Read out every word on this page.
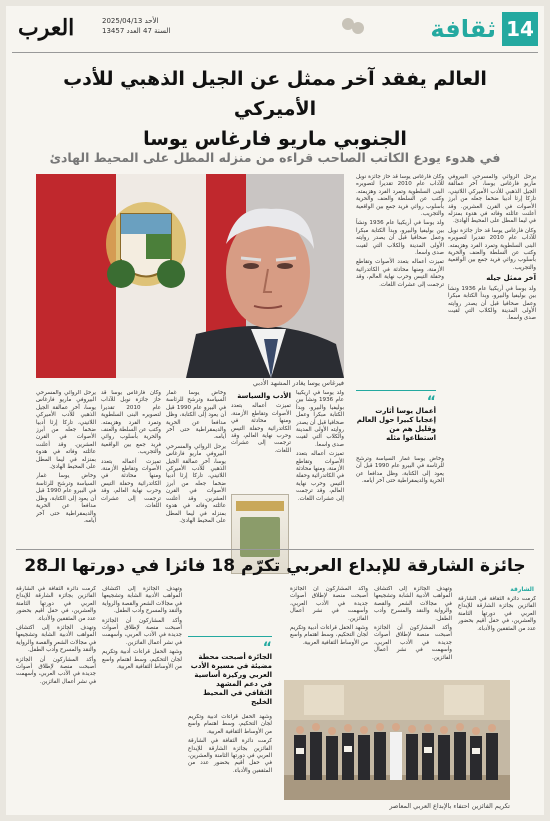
14
ثقافة
الأحد 2025/04/13
السنة 47 العدد 13457
العرب
العالم يفقد آخر ممثل عن الجيل الذهبي للأدب الأميركي
الجنوبي ماريو فارغاس يوسا
في هدوء يودع الكاتب الصاحب قراءه من منزله المطل على المحيط الهادئ
فيرغاس يوسا يغادر المشهد الأدبي

يرحل الروائي والمسرحي البيروفي ماريو فارغاس يوسا، آخر عمالقة الجيل الذهبي للأدب الأميركي اللاتيني، تاركا إرثا أدبيا ضخما جعله من أبرز الأصوات في القرن العشرين. وقد أعلنت عائلته وفاته في هدوء بمنزله في ليما المطل على المحيط الهادئ.

وكان فارغاس يوسا قد حاز جائزة نوبل للآداب عام 2010 تقديرا لتصويره البنى السلطوية وتمرد الفرد وهزيمته. وكتب عن السلطة والعنف والحرية بأسلوب روائي فريد جمع بين الواقعية والتجريب.

آخر ممثل جيله

ولد يوسا في أريكيبا عام 1936 ونشأ بين بوليفيا والبيرو، وبدأ الكتابة مبكرا وعمل صحافيا قبل أن يصدر روايته الأولى المدينة والكلاب التي لقيت صدى واسعا.

وكان فارغاس يوسا قد حاز جائزة نوبل للآداب عام 2010 تقديرا لتصويره البنى السلطوية وتمرد الفرد وهزيمته. وكتب عن السلطة والعنف والحرية بأسلوب روائي فريد جمع بين الواقعية والتجريب.

ولد يوسا في أريكيبا عام 1936 ونشأ بين بوليفيا والبيرو، وبدأ الكتابة مبكرا وعمل صحافيا قبل أن يصدر روايته الأولى المدينة والكلاب التي لقيت صدى واسعا.

تميزت أعماله بتعدد الأصوات وتقاطع الأزمنة، ومنها محادثة في الكاتدرائية وحفلة التيس وحرب نهاية العالم، وقد ترجمت إلى عشرات اللغات.

“
أعمال يوسا أثارت إعجابا كبيرا حول العالم وقليل هم من استطاعوا مثله

وخاض يوسا غمار السياسة وترشح للرئاسة في البيرو عام 1990 قبل أن يعود إلى الكتابة، وظل مدافعا عن الحرية والديمقراطية حتى آخر أيامه.

ولد يوسا في أريكيبا عام 1936 ونشأ بين بوليفيا والبيرو، وبدأ الكتابة مبكرا وعمل صحافيا قبل أن يصدر روايته الأولى المدينة والكلاب التي لقيت صدى واسعا.

تميزت أعماله بتعدد الأصوات وتقاطع الأزمنة، ومنها محادثة في الكاتدرائية وحفلة التيس وحرب نهاية العالم، وقد ترجمت إلى عشرات اللغات.

الأدب والسياسة

تميزت أعماله بتعدد الأصوات وتقاطع الأزمنة، ومنها محادثة في الكاتدرائية وحفلة التيس وحرب نهاية العالم، وقد ترجمت إلى عشرات اللغات.

وخاض يوسا غمار السياسة وترشح للرئاسة في البيرو عام 1990 قبل أن يعود إلى الكتابة، وظل مدافعا عن الحرية والديمقراطية حتى آخر أيامه.

يرحل الروائي والمسرحي البيروفي ماريو فارغاس يوسا، آخر عمالقة الجيل الذهبي للأدب الأميركي اللاتيني، تاركا إرثا أدبيا ضخما جعله من أبرز الأصوات في القرن العشرين. وقد أعلنت عائلته وفاته في هدوء بمنزله في ليما المطل على المحيط الهادئ.

وكان فارغاس يوسا قد حاز جائزة نوبل للآداب عام 2010 تقديرا لتصويره البنى السلطوية وتمرد الفرد وهزيمته. وكتب عن السلطة والعنف والحرية بأسلوب روائي فريد جمع بين الواقعية والتجريب.

تميزت أعماله بتعدد الأصوات وتقاطع الأزمنة، ومنها محادثة في الكاتدرائية وحفلة التيس وحرب نهاية العالم، وقد ترجمت إلى عشرات اللغات.

يرحل الروائي والمسرحي البيروفي ماريو فارغاس يوسا، آخر عمالقة الجيل الذهبي للأدب الأميركي اللاتيني، تاركا إرثا أدبيا ضخما جعله من أبرز الأصوات في القرن العشرين. وقد أعلنت عائلته وفاته في هدوء بمنزله في ليما المطل على المحيط الهادئ.

وخاض يوسا غمار السياسة وترشح للرئاسة في البيرو عام 1990 قبل أن يعود إلى الكتابة، وظل مدافعا عن الحرية والديمقراطية حتى آخر أيامه.

جائزة الشارقة للإبداع العربي تكرّم 18 فائزا في دورتها الـ28
الشارقة

كرمت دائرة الثقافة في الشارقة الفائزين بجائزة الشارقة للإبداع العربي في دورتها الثامنة والعشرين، في حفل أقيم بحضور عدد من المثقفين والأدباء.

وتهدف الجائزة إلى اكتشاف المواهب الأدبية الشابة وتشجيعها في مجالات الشعر والقصة والرواية والنقد والمسرح وأدب الطفل.

وأكد المشاركون أن الجائزة أصبحت منصة لإطلاق أصوات جديدة في الأدب العربي، وأسهمت في نشر أعمال الفائزين.

وأكد المشاركون أن الجائزة أصبحت منصة لإطلاق أصوات جديدة في الأدب العربي، وأسهمت في نشر أعمال الفائزين.

وشهد الحفل قراءات أدبية وتكريم لجان التحكيم، وسط اهتمام واسع من الأوساط الثقافية العربية.

تكريم الفائزين احتفاء بالإبداع العربي المعاصر
“
الجائزة أصبحت محطة مضيئة في مسيرة الأدب العربي وركيزة أساسية في دعم المشهد الثقافي في المحيط الخليج

وشهد الحفل قراءات أدبية وتكريم لجان التحكيم، وسط اهتمام واسع من الأوساط الثقافية العربية.

كرمت دائرة الثقافة في الشارقة الفائزين بجائزة الشارقة للإبداع العربي في دورتها الثامنة والعشرين، في حفل أقيم بحضور عدد من المثقفين والأدباء.

وتهدف الجائزة إلى اكتشاف المواهب الأدبية الشابة وتشجيعها في مجالات الشعر والقصة والرواية والنقد والمسرح وأدب الطفل.

وأكد المشاركون أن الجائزة أصبحت منصة لإطلاق أصوات جديدة في الأدب العربي، وأسهمت في نشر أعمال الفائزين.

وشهد الحفل قراءات أدبية وتكريم لجان التحكيم، وسط اهتمام واسع من الأوساط الثقافية العربية.

كرمت دائرة الثقافة في الشارقة الفائزين بجائزة الشارقة للإبداع العربي في دورتها الثامنة والعشرين، في حفل أقيم بحضور عدد من المثقفين والأدباء.

وتهدف الجائزة إلى اكتشاف المواهب الأدبية الشابة وتشجيعها في مجالات الشعر والقصة والرواية والنقد والمسرح وأدب الطفل.

وأكد المشاركون أن الجائزة أصبحت منصة لإطلاق أصوات جديدة في الأدب العربي، وأسهمت في نشر أعمال الفائزين.
